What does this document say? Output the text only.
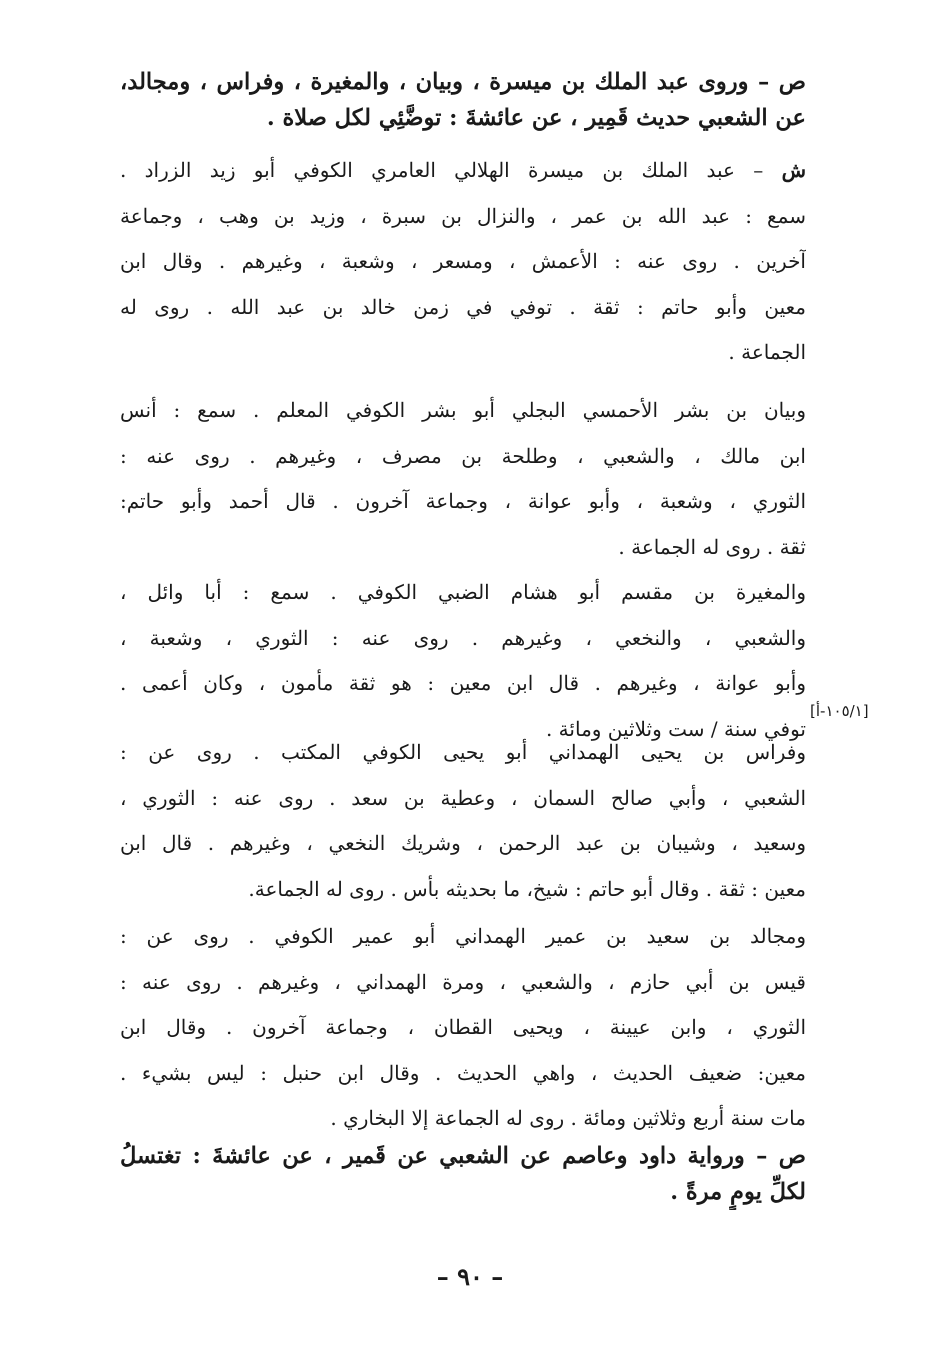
ص – وروى عبد الملك بن ميسرة ، وبيان ، والمغيرة ، وفراس ، ومجالد،
عن الشعبي حديث قَمِير ، عن عائشةَ : توضَّئِي لكل صلاة .
ش – عبد الملك بن ميسرة الهلالي العامري الكوفي أبو زيد الزراد .
سمع : عبد الله بن عمر ، والنزال بن سبرة ، وزيد بن وهب ، وجماعة
آخرين . روى عنه : الأعمش ، ومسعر ، وشعبة ، وغيرهم . وقال ابن
معين وأبو حاتم : ثقة . توفي في زمن خالد بن عبد الله . روى له
الجماعة .
وبيان بن بشر الأحمسي البجلي أبو بشر الكوفي المعلم . سمع : أنس
ابن مالك ، والشعبي ، وطلحة بن مصرف ، وغيرهم . روى عنه :
الثوري ، وشعبة ، وأبو عوانة ، وجماعة آخرون . قال أحمد وأبو حاتم:
ثقة . روى له الجماعة .
والمغيرة بن مقسم أبو هشام الضبي الكوفي . سمع : أبا وائل ،
والشعبي ، والنخعي ، وغيرهم . روى عنه : الثوري ، وشعبة ،
وأبو عوانة ، وغيرهم . قال ابن معين : هو ثقة مأمون ، وكان أعمى .
توفي سنة / ست وثلاثين ومائة .
وفراس بن يحيى الهمداني أبو يحيى الكوفي المكتب . روى عن :
الشعبي ، وأبي صالح السمان ، وعطية بن سعد . روى عنه : الثوري ،
وسعيد ، وشيبان بن عبد الرحمن ، وشريك النخعي ، وغيرهم . قال ابن
معين : ثقة . وقال أبو حاتم : شيخ، ما بحديثه بأس . روى له الجماعة.
ومجالد بن سعيد بن عمير الهمداني أبو عمير الكوفي . روى عن :
قيس بن أبي حازم ، والشعبي ، ومرة الهمداني ، وغيرهم . روى عنه :
الثوري ، وابن عيينة ، ويحيى القطان ، وجماعة آخرون . وقال ابن
معين: ضعيف الحديث ، واهي الحديث . وقال ابن حنبل : ليس بشيء .
مات سنة أربع وثلاثين ومائة . روى له الجماعة إلا البخاري .
ص – ورواية داود وعاصم عن الشعبي عن قَمير ، عن عائشةَ : تغتسلُ
لكلِّ يومٍ مرةً .
[١٠٥/١-أ]
– ٩٠ –
